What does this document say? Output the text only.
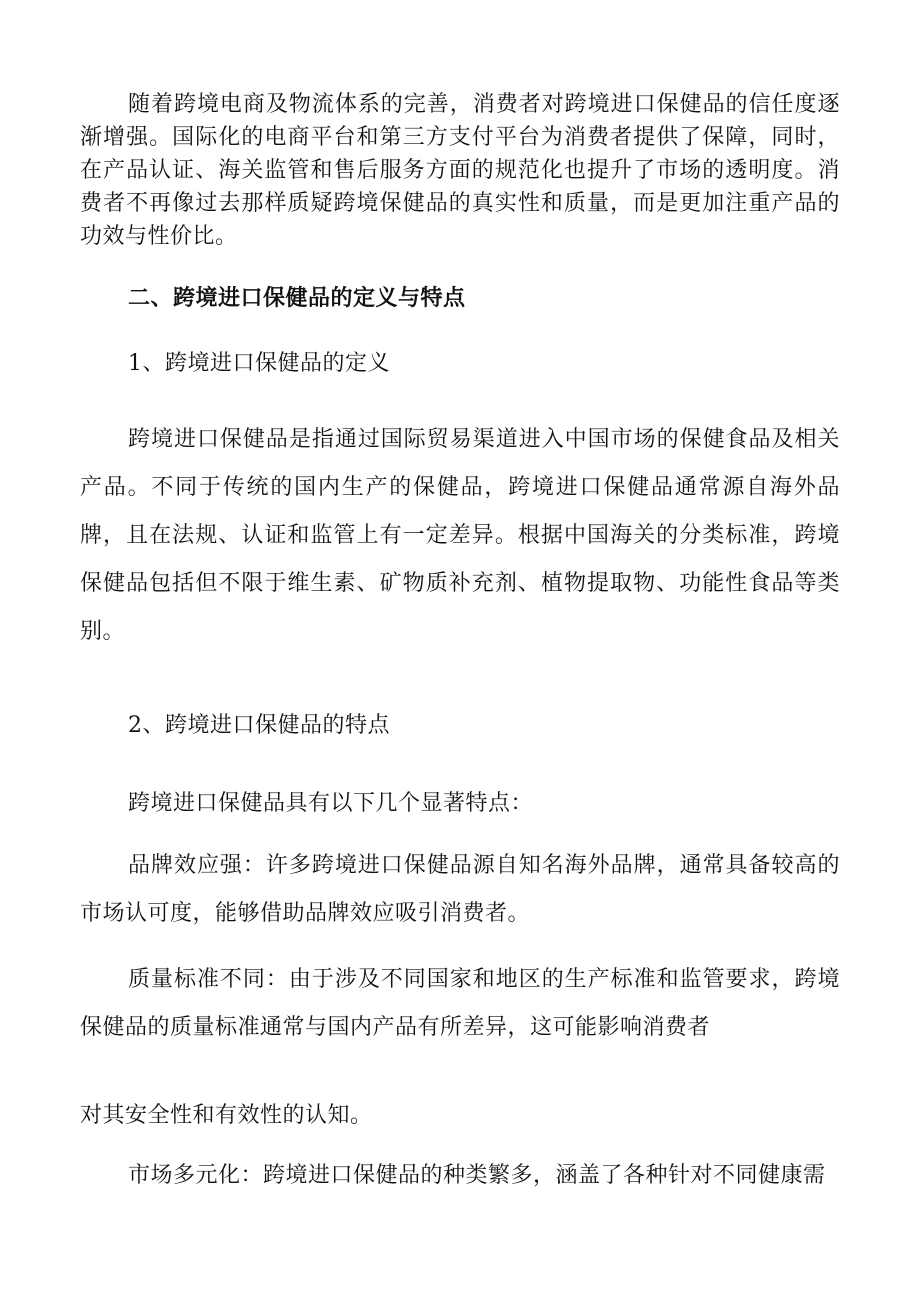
随着跨境电商及物流体系的完善，消费者对跨境进口保健品的信任度逐渐增强。国际化的电商平台和第三方支付平台为消费者提供了保障，同时，在产品认证、海关监管和售后服务方面的规范化也提升了市场的透明度。消费者不再像过去那样质疑跨境保健品的真实性和质量，而是更加注重产品的功效与性价比。

二、跨境进口保健品的定义与特点
1、跨境进口保健品的定义

跨境进口保健品是指通过国际贸易渠道进入中国市场的保健食品及相关产品。不同于传统的国内生产的保健品，跨境进口保健品通常源自海外品牌，且在法规、认证和监管上有一定差异。根据中国海关的分类标准，跨境保健品包括但不限于维生素、矿物质补充剂、植物提取物、功能性食品等类别。

2、跨境进口保健品的特点
跨境进口保健品具有以下几个显著特点：

品牌效应强：许多跨境进口保健品源自知名海外品牌，通常具备较高的市场认可度，能够借助品牌效应吸引消费者。

质量标准不同：由于涉及不同国家和地区的生产标准和监管要求，跨境保健品的质量标准通常与国内产品有所差异，这可能影响消费者

对其安全性和有效性的认知。
市场多元化：跨境进口保健品的种类繁多，涵盖了各种针对不同健康需
